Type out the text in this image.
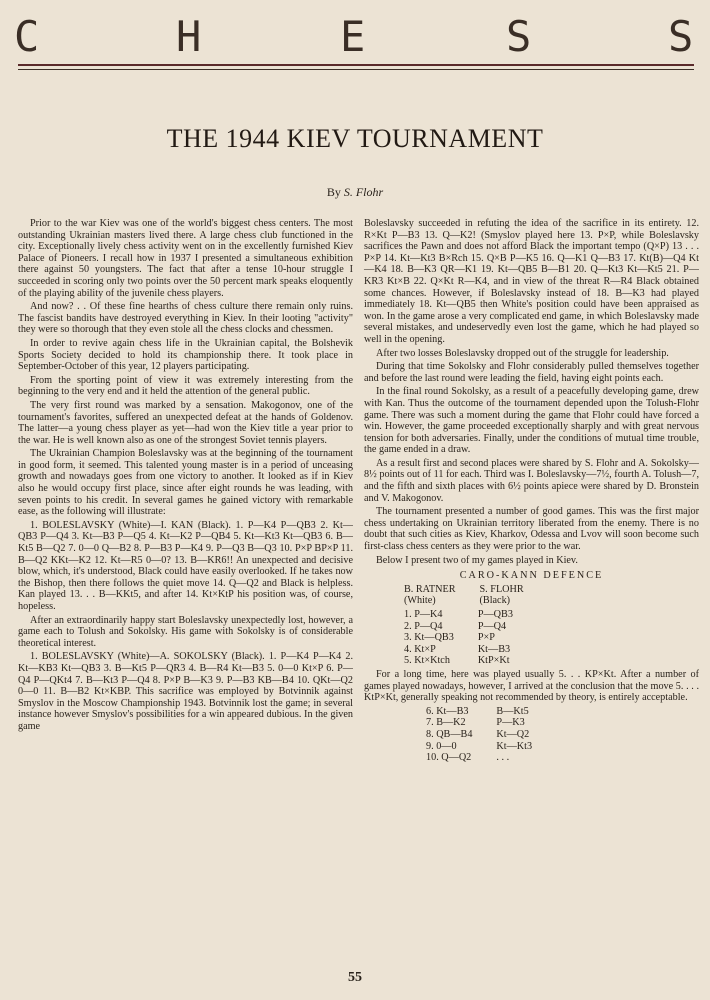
C	H	E	S	S
THE 1944 KIEV TOURNAMENT
By S. Flohr

Prior to the war Kiev was one of the world's biggest chess centers. The most outstanding Ukrainian masters lived there. A large chess club functioned in the city. Exceptionally lively chess activity went on in the excellently furnished Kiev Palace of Pioneers. I recall how in 1937 I presented a simultaneous exhibition there against 50 youngsters. The fact that after a tense 10-hour struggle I succeeded in scoring only two points over the 50 percent mark speaks eloquently of the playing ability of the juvenile chess players.

And now? . . Of these fine hearths of chess culture there remain only ruins. The fascist bandits have destroyed everything in Kiev. In their looting "activity" they were so thorough that they even stole all the chess clocks and chessmen.

In order to revive again chess life in the Ukrainian capital, the Bolshevik Sports Society decided to hold its championship there. It took place in September-October of this year, 12 players participating.

From the sporting point of view it was extremely interesting from the beginning to the very end and it held the attention of the general public.

The very first round was marked by a sensation. Makogonov, one of the tournament's favorites, suffered an unexpected defeat at the hands of Goldenov. The latter—a young chess player as yet—had won the Kiev title a year prior to the war. He is well known also as one of the strongest Soviet tennis players.

The Ukrainian Champion Boleslavsky was at the beginning of the tournament in good form, it seemed. This talented young master is in a period of unceasing growth and nowadays goes from one victory to another. It looked as if in Kiev also he would occupy first place, since after eight rounds he was leading, with seven points to his credit. In several games he gained victory with remarkable ease, as the following will illustrate:

1. BOLESLAVSKY (White)—I. KAN (Black). 1. P—K4 P—QB3 2. Kt—QB3 P—Q4 3. Kt—B3 P—Q5 4. Kt—K2 P—QB4 5. Kt—Kt3 Kt—QB3 6. B—Kt5 B—Q2 7. 0—0 Q—B2 8. P—B3 P—K4 9. P—Q3 B—Q3 10. P×P BP×P 11. B—Q2 KKt—K2 12. Kt—R5 0—0? 13. B—KR6!! An unexpected and decisive blow, which, it's understood, Black could have easily overlooked. If he takes now the Bishop, then there follows the quiet move 14. Q—Q2 and Black is helpless. Kan played 13. . . B—KKt5, and after 14. Kt×KtP his position was, of course, hopeless.

After an extraordinarily happy start Boleslavsky unexpectedly lost, however, a game each to Tolush and Sokolsky. His game with Sokolsky is of considerable theoretical interest.

1. BOLESLAVSKY (White)—A. SOKOLSKY (Black). 1. P—K4 P—K4 2. Kt—KB3 Kt—QB3 3. B—Kt5 P—QR3 4. B—R4 Kt—B3 5. 0—0 Kt×P 6. P—Q4 P—QKt4 7. B—Kt3 P—Q4 8. P×P B—K3 9. P—B3 KB—B4 10. QKt—Q2 0—0 11. B—B2 Kt×KBP. This sacrifice was employed by Botvinnik against Smyslov in the Moscow Championship 1943. Botvinnik lost the game; in several instance however Smyslov's possibilities for a win appeared dubious. In the given game

Boleslavsky succeeded in refuting the idea of the sacrifice in its entirety. 12. R×Kt P—B3 13. Q—K2! (Smyslov played here 13. P×P, while Boleslavsky sacrifices the Pawn and does not afford Black the important tempo (Q×P) 13 . . . P×P 14. Kt—Kt3 B×Rch 15. Q×B P—K5 16. Q—K1 Q—B3 17. Kt(B)—Q4 Kt—K4 18. B—K3 QR—K1 19. Kt—QB5 B—B1 20. Q—Kt3 Kt—Kt5 21. P—KR3 Kt×B 22. Q×Kt R—K4, and in view of the threat R—R4 Black obtained some chances. However, if Boleslavsky instead of 18. B—K3 had played immediately 18. Kt—QB5 then White's position could have been appraised as won. In the game arose a very complicated end game, in which Boleslavsky made several mistakes, and undeservedly even lost the game, which he had played so well in the opening.

After two losses Boleslavsky dropped out of the struggle for leadership.

During that time Sokolsky and Flohr considerably pulled themselves together and before the last round were leading the field, having eight points each.

In the final round Sokolsky, as a result of a peacefully developing game, drew with Kan. Thus the outcome of the tournament depended upon the Tolush-Flohr game. There was such a moment during the game that Flohr could have forced a win. However, the game proceeded exceptionally sharply and with great nervous tension for both adversaries. Finally, under the conditions of mutual time trouble, the game ended in a draw.

As a result first and second places were shared by S. Flohr and A. Sokolsky—8½ points out of 11 for each. Third was I. Boleslavsky—7½, fourth A. Tolush—7, and the fifth and sixth places with 6½ points apiece were shared by D. Bronstein and V. Makogonov.

The tournament presented a number of good games. This was the first major chess undertaking on Ukrainian territory liberated from the enemy. There is no doubt that such cities as Kiev, Kharkov, Odessa and Lvov will soon become such first-class chess centers as they were prior to the war.

Below I present two of my games played in Kiev.

CARO-KANN DEFENCE
B. RATNER	S. FLOHR
(White)	(Black)
1. P—K4	P—QB3
2. P—Q4	P—Q4
3. Kt—QB3	P×P
4. Kt×P	Kt—B3
5. Kt×Ktch	KtP×Kt

For a long time, here was played usually 5. . . KP×Kt. After a number of games played nowadays, however, I arrived at the conclusion that the move 5. . . . KtP×Kt, generally speaking not recommended by theory, is entirely acceptable.

6. Kt—B3	B—Kt5
7. B—K2	P—K3
8. QB—B4	Kt—Q2
9. 0—0	Kt—Kt3
10. Q—Q2	. . .
55
